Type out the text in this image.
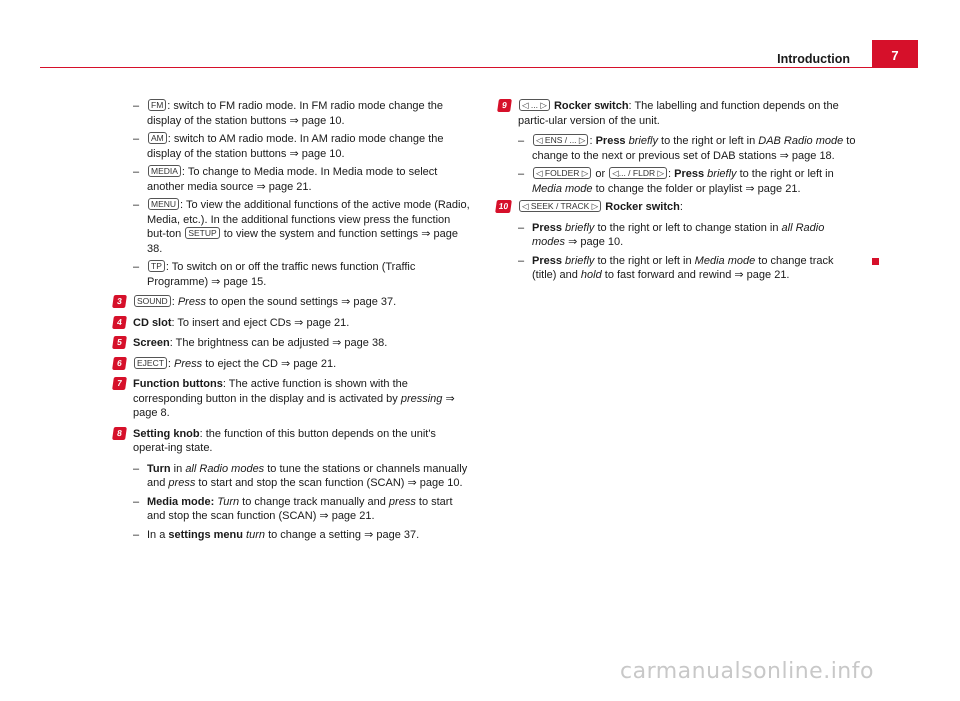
Introduction	7
– FM : switch to FM radio mode. In FM radio mode change the display of the station buttons ⇒ page 10.
– AM : switch to AM radio mode. In AM radio mode change the display of the station buttons ⇒ page 10.
– MEDIA : To change to Media mode. In Media mode to select another media source ⇒ page 21.
– MENU : To view the additional functions of the active mode (Radio, Media, etc.). In the additional functions view press the function but-ton SETUP to view the system and function settings ⇒ page 38.
– TP : To switch on or off the traffic news function (Traffic Programme) ⇒ page 15.
3	SOUND : Press to open the sound settings ⇒ page 37.
4 CD slot: To insert and eject CDs ⇒ page 21.
5 Screen: The brightness can be adjusted ⇒ page 38.
6	EJECT : Press to eject the CD ⇒ page 21.
7 Function buttons: The active function is shown with the corresponding button in the display and is activated by pressing ⇒ page 8.
8 Setting knob: the function of this button depends on the unit's operat-ing state.
– Turn in all Radio modes to tune the stations or channels manually and press to start and stop the scan function (SCAN) ⇒ page 10.
– Media mode: Turn to change track manually and press to start and stop the scan function (SCAN) ⇒ page 21.
– In a settings menu turn to change a setting ⇒ page 37.
9	◁ ... ▷ Rocker switch: The labelling and function depends on the partic-ular version of the unit.
– ◁ ENS / ... ▷ : Press briefly to the right or left in DAB Radio mode to change to the next or previous set of DAB stations ⇒ page 18.
– ◁ FOLDER ▷ or ◁... / FLDR ▷ : Press briefly to the right or left in Media mode to change the folder or playlist ⇒ page 21.
10	◁ SEEK / TRACK ▷ Rocker switch:
– Press briefly to the right or left to change station in all Radio modes ⇒ page 10.
– Press briefly to the right or left in Media mode to change track (title) and hold to fast forward and rewind ⇒ page 21.
carmanualsonline.info
